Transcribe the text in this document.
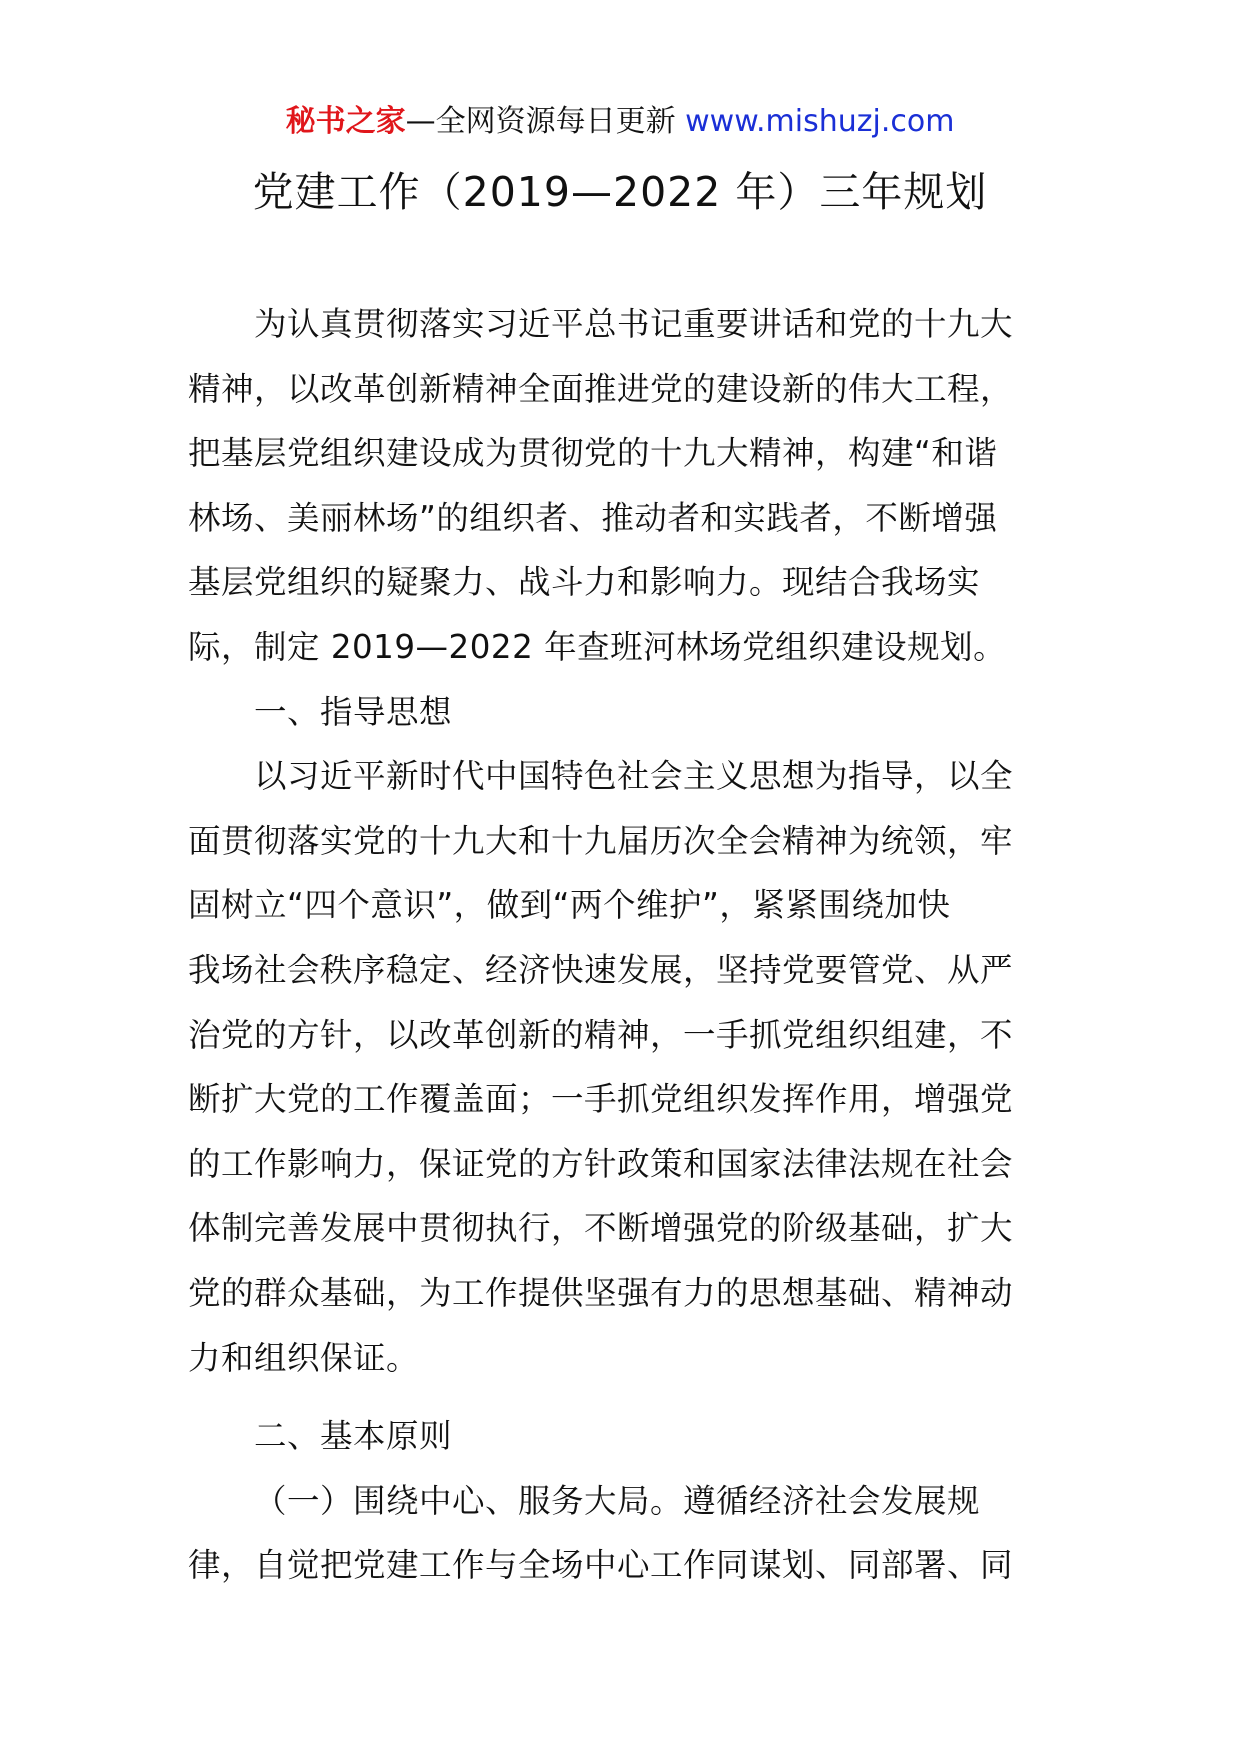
秘书之家—全网资源每日更新 www.mishuzj.com
党建工作（2019—2022 年）三年规划
为认真贯彻落实习近平总书记重要讲话和党的十九大
精神，以改革创新精神全面推进党的建设新的伟大工程，
把基层党组织建设成为贯彻党的十九大精神，构建“和谐
林场、美丽林场”的组织者、推动者和实践者，不断增强
基层党组织的疑聚力、战斗力和影响力。现结合我场实
际，制定 2019—2022 年查班河林场党组织建设规划。
一、指导思想
以习近平新时代中国特色社会主义思想为指导，以全
面贯彻落实党的十九大和十九届历次全会精神为统领，牢
固树立“四个意识”，做到“两个维护”，紧紧围绕加快
我场社会秩序稳定、经济快速发展，坚持党要管党、从严
治党的方针，以改革创新的精神，一手抓党组织组建，不
断扩大党的工作覆盖面；一手抓党组织发挥作用，增强党
的工作影响力，保证党的方针政策和国家法律法规在社会
体制完善发展中贯彻执行，不断增强党的阶级基础，扩大
党的群众基础，为工作提供坚强有力的思想基础、精神动
力和组织保证。
二、基本原则
（一）围绕中心、服务大局。遵循经济社会发展规
律，自觉把党建工作与全场中心工作同谋划、同部署、同
